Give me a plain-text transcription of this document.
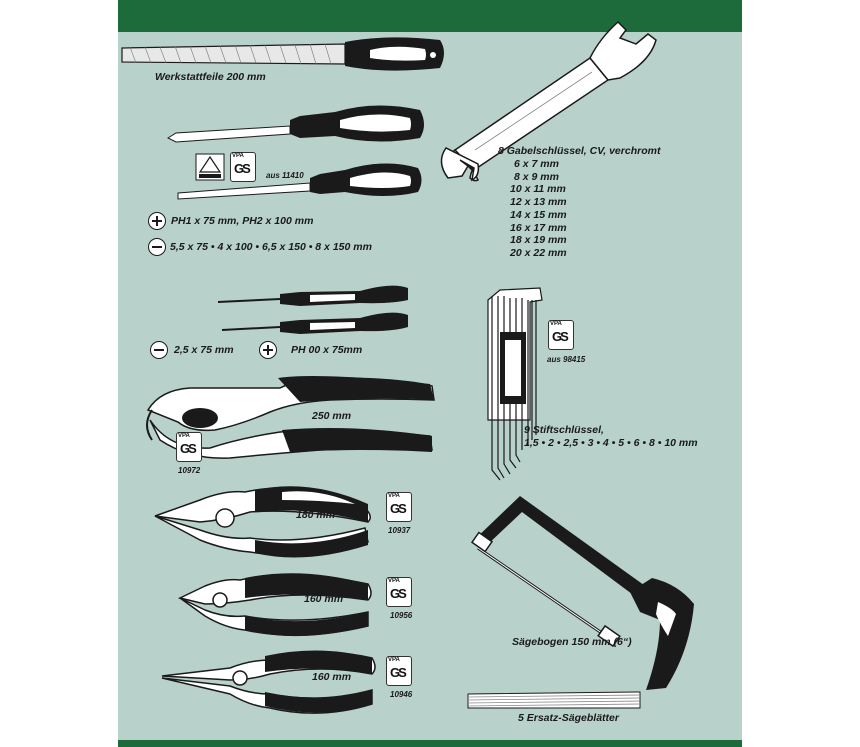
VPA
GS
VPA
GS
VPA
GS
VPA
GS
VPA
GS
VPA
GS
Werkstattfeile 200 mm
aus 11410
PH1 x 75 mm, PH2 x 100 mm
5,5 x 75 • 4 x 100 • 6,5 x 150 • 8 x 150 mm
2,5 x 75 mm	PH 00 x 75mm
250 mm
10972
180 mm
10937
160 mm
10956
160 mm
10946
8 Gabelschlüssel, CV, verchromt
6 x 7 mm
8 x 9 mm
10 x 11 mm
12 x 13 mm
14 x 15 mm
16 x 17 mm
18 x 19 mm
20 x 22 mm
aus 98415
9 Stiftschlüssel,
1,5 • 2 • 2,5 • 3 • 4 • 5 • 6 • 8 • 10 mm
Sägebogen 150 mm (6“)
5 Ersatz-Sägeblätter
